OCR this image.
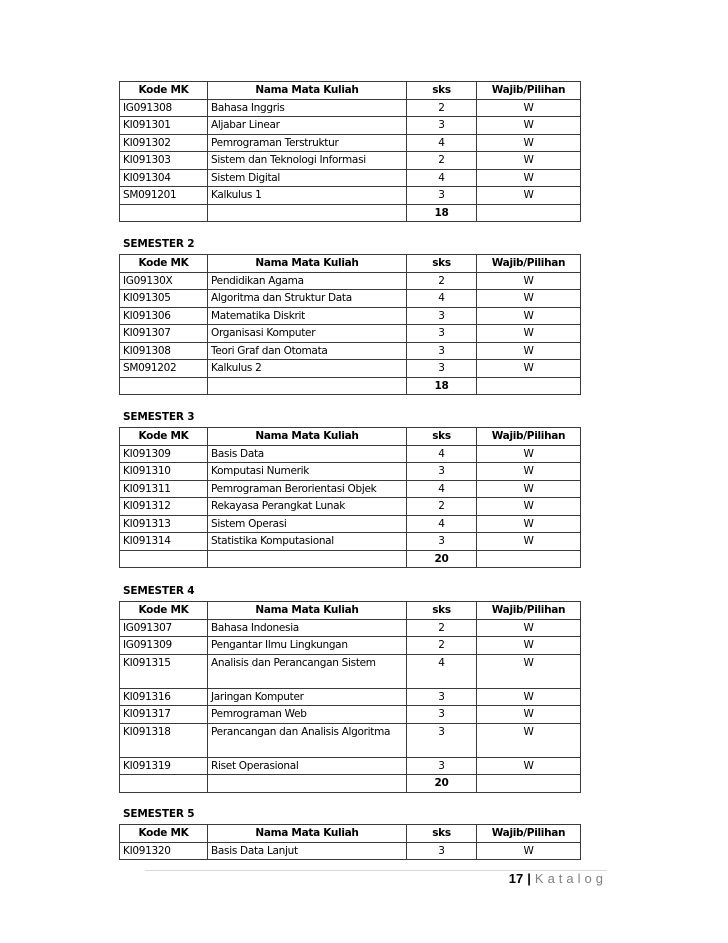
Kode MK	Nama Mata Kuliah	sks	Wajib/Pilihan
IG091308	Bahasa Inggris	2	W
KI091301	Aljabar Linear	3	W
KI091302	Pemrograman Terstruktur	4	W
KI091303	Sistem dan Teknologi Informasi	2	W
KI091304	Sistem Digital	4	W
SM091201	Kalkulus 1	3	W
		18	
SEMESTER 2
Kode MK	Nama Mata Kuliah	sks	Wajib/Pilihan
IG09130X	Pendidikan Agama	2	W
KI091305	Algoritma dan Struktur Data	4	W
KI091306	Matematika Diskrit	3	W
KI091307	Organisasi Komputer	3	W
KI091308	Teori Graf dan Otomata	3	W
SM091202	Kalkulus 2	3	W
		18	
SEMESTER 3
Kode MK	Nama Mata Kuliah	sks	Wajib/Pilihan
KI091309	Basis Data	4	W
KI091310	Komputasi Numerik	3	W
KI091311	Pemrograman Berorientasi Objek	4	W
KI091312	Rekayasa Perangkat Lunak	2	W
KI091313	Sistem Operasi	4	W
KI091314	Statistika Komputasional	3	W
		20	
SEMESTER 4
Kode MK	Nama Mata Kuliah	sks	Wajib/Pilihan
IG091307	Bahasa Indonesia	2	W
IG091309	Pengantar Ilmu Lingkungan	2	W
KI091315	Analisis dan Perancangan Sistem	4	W
KI091316	Jaringan Komputer	3	W
KI091317	Pemrograman Web	3	W
KI091318	Perancangan dan Analisis Algoritma	3	W
KI091319	Riset Operasional	3	W
		20	
SEMESTER 5
Kode MK	Nama Mata Kuliah	sks	Wajib/Pilihan
KI091320	Basis Data Lanjut	3	W
17 | Katalog
